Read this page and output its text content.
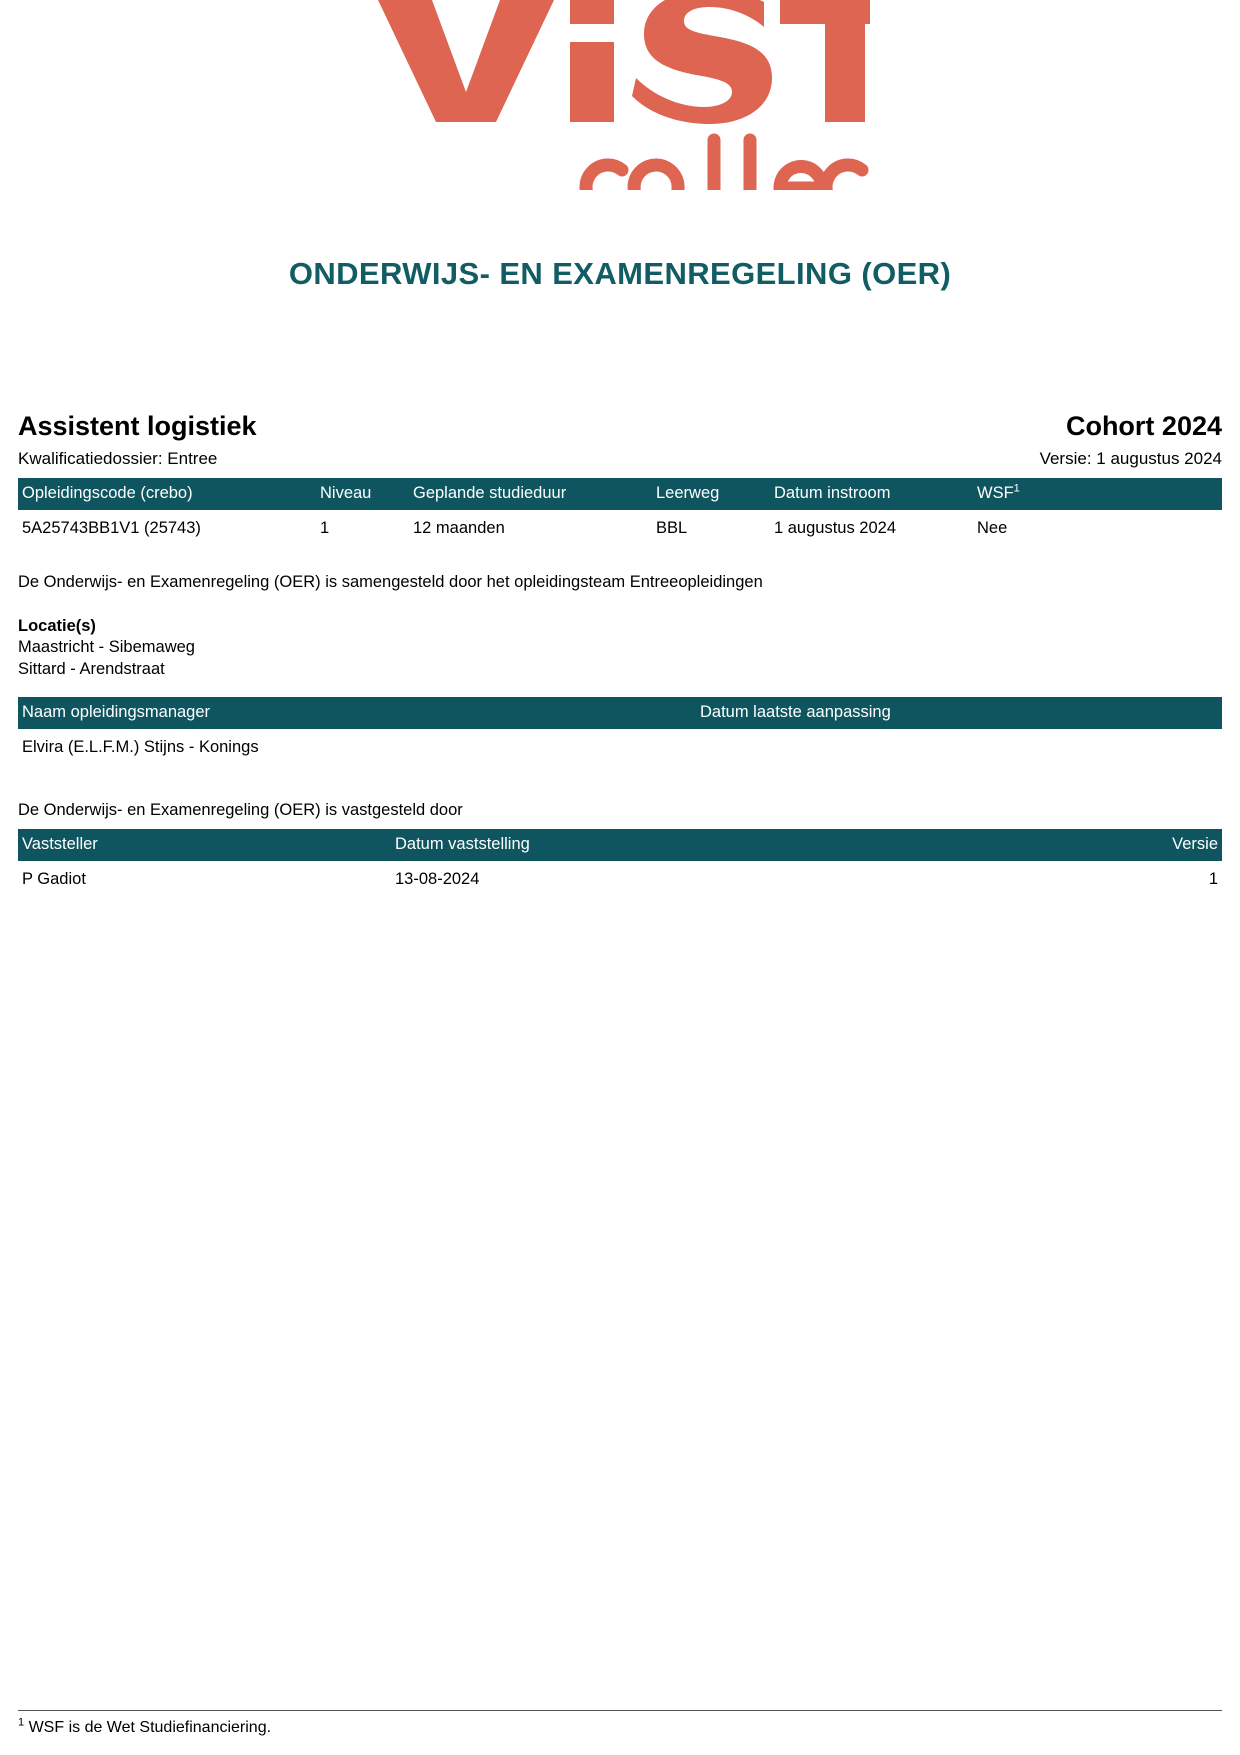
ONDERWIJS- EN EXAMENREGELING (OER)
Assistent logistiek	Cohort 2024
Kwalificatiedossier: Entree	Versie: 1 augustus 2024
Opleidingscode (crebo)	Niveau	Geplande studieduur	Leerweg	Datum instroom	WSF$^1$
5A25743BB1V1 (25743)	1	12 maanden	BBL	1 augustus 2024	Nee
De Onderwijs- en Examenregeling (OER) is samengesteld door het opleidingsteam Entreeopleidingen
Locatie(s)
Maastricht - Sibemaweg
Sittard - Arendstraat
Naam opleidingsmanager	Datum laatste aanpassing
Elvira (E.L.F.M.) Stijns - Konings	
De Onderwijs- en Examenregeling (OER) is vastgesteld door
Vaststeller	Datum vaststelling	Versie
P Gadiot	13-08-2024	1
$^1$ WSF is de Wet Studiefinanciering.
